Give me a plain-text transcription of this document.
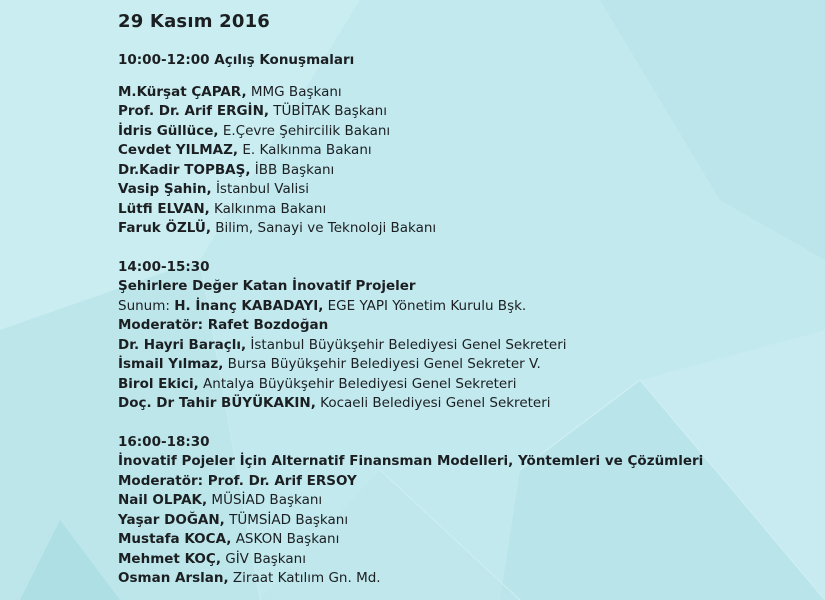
29 Kasım 2016
10:00-12:00 Açılış Konuşmaları
M.Kürşat ÇAPAR, MMG Başkanı
Prof. Dr. Arif ERGİN, TÜBİTAK Başkanı
İdris Güllüce, E.Çevre Şehircilik Bakanı
Cevdet YILMAZ, E. Kalkınma Bakanı
Dr.Kadir TOPBAŞ, İBB Başkanı
Vasip Şahin, İstanbul Valisi
Lütfi ELVAN, Kalkınma Bakanı
Faruk ÖZLÜ, Bilim, Sanayi ve Teknoloji Bakanı
14:00-15:30
Şehirlere Değer Katan İnovatif Projeler
Sunum: H. İnanç KABADAYI, EGE YAPI Yönetim Kurulu Bşk.
Moderatör: Rafet Bozdoğan
Dr. Hayri Baraçlı, İstanbul Büyükşehir Belediyesi Genel Sekreteri
İsmail Yılmaz, Bursa Büyükşehir Belediyesi Genel Sekreter V.
Birol Ekici, Antalya Büyükşehir Belediyesi Genel Sekreteri
Doç. Dr Tahir BÜYÜKAKIN, Kocaeli Belediyesi Genel Sekreteri
16:00-18:30
İnovatif Pojeler İçin Alternatif Finansman Modelleri, Yöntemleri ve Çözümleri
Moderatör: Prof. Dr. Arif ERSOY
Nail OLPAK, MÜSİAD Başkanı
Yaşar DOĞAN, TÜMSİAD Başkanı
Mustafa KOCA, ASKON Başkanı
Mehmet KOÇ, GİV Başkanı
Osman Arslan, Ziraat Katılım Gn. Md.
